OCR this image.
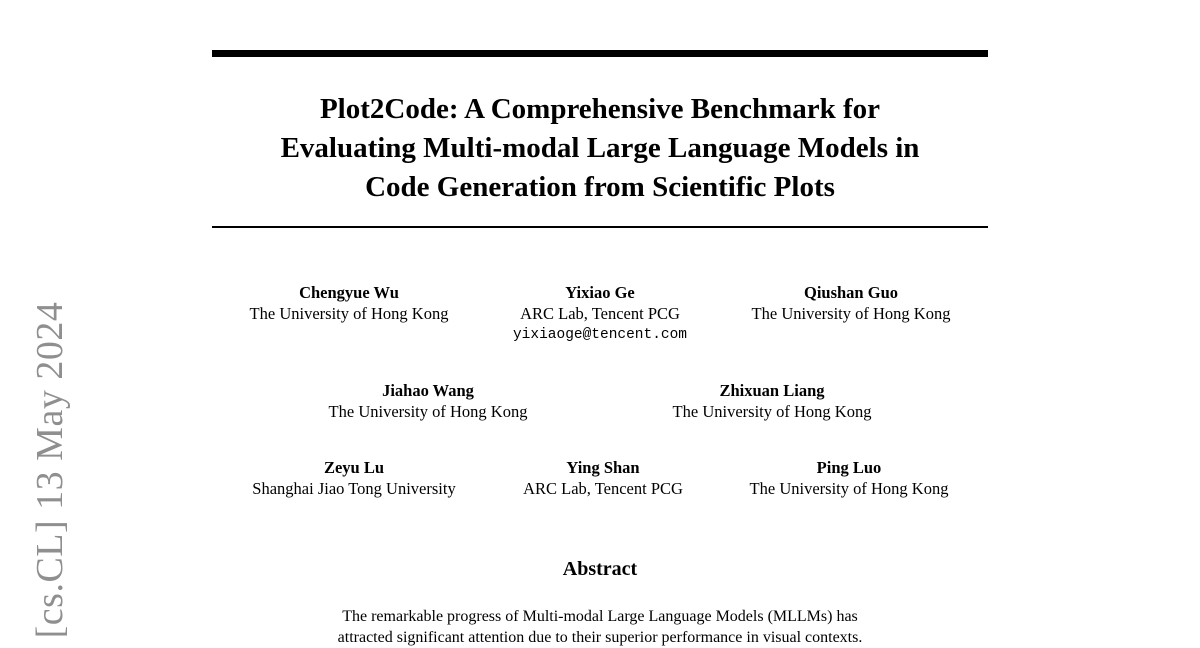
[cs.CL] 13 May 2024
Plot2Code: A Comprehensive Benchmark for
Evaluating Multi-modal Large Language Models in
Code Generation from Scientific Plots
Chengyue Wu
The University of Hong Kong
Yixiao Ge
ARC Lab, Tencent PCG
yixiaoge@tencent.com
Qiushan Guo
The University of Hong Kong
Jiahao Wang
The University of Hong Kong
Zhixuan Liang
The University of Hong Kong
Zeyu Lu
Shanghai Jiao Tong University
Ying Shan
ARC Lab, Tencent PCG
Ping Luo
The University of Hong Kong
Abstract

The remarkable progress of Multi-modal Large Language Models (MLLMs) has
attracted significant attention due to their superior performance in visual contexts.
